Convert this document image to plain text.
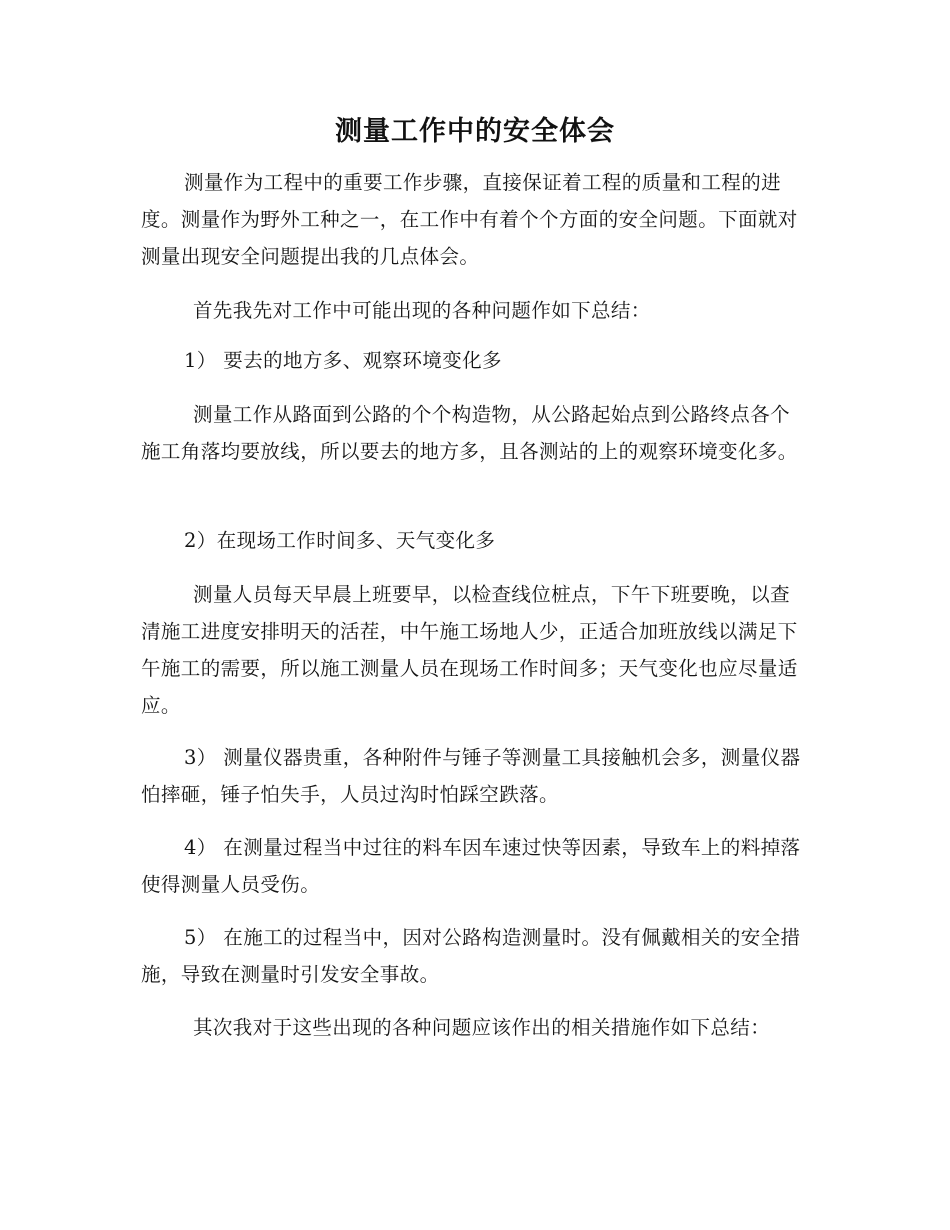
测量工作中的安全体会

测量作为工程中的重要工作步骤，直接保证着工程的质量和工程的进度。测量作为野外工种之一，在工作中有着个个方面的安全问题。下面就对测量出现安全问题提出我的几点体会。

首先我先对工作中可能出现的各种问题作如下总结：

1） 要去的地方多、观察环境变化多

测量工作从路面到公路的个个构造物，从公路起始点到公路终点各个施工角落均要放线，所以要去的地方多，且各测站的上的观察环境变化多。

2）在现场工作时间多、天气变化多

测量人员每天早晨上班要早，以检查线位桩点，下午下班要晚，以查清施工进度安排明天的活茬，中午施工场地人少，正适合加班放线以满足下午施工的需要，所以施工测量人员在现场工作时间多；天气变化也应尽量适应。

3） 测量仪器贵重，各种附件与锤子等测量工具接触机会多，测量仪器怕摔砸，锤子怕失手，人员过沟时怕踩空跌落。

4） 在测量过程当中过往的料车因车速过快等因素，导致车上的料掉落使得测量人员受伤。

5） 在施工的过程当中，因对公路构造测量时。没有佩戴相关的安全措施，导致在测量时引发安全事故。

其次我对于这些出现的各种问题应该作出的相关措施作如下总结：
